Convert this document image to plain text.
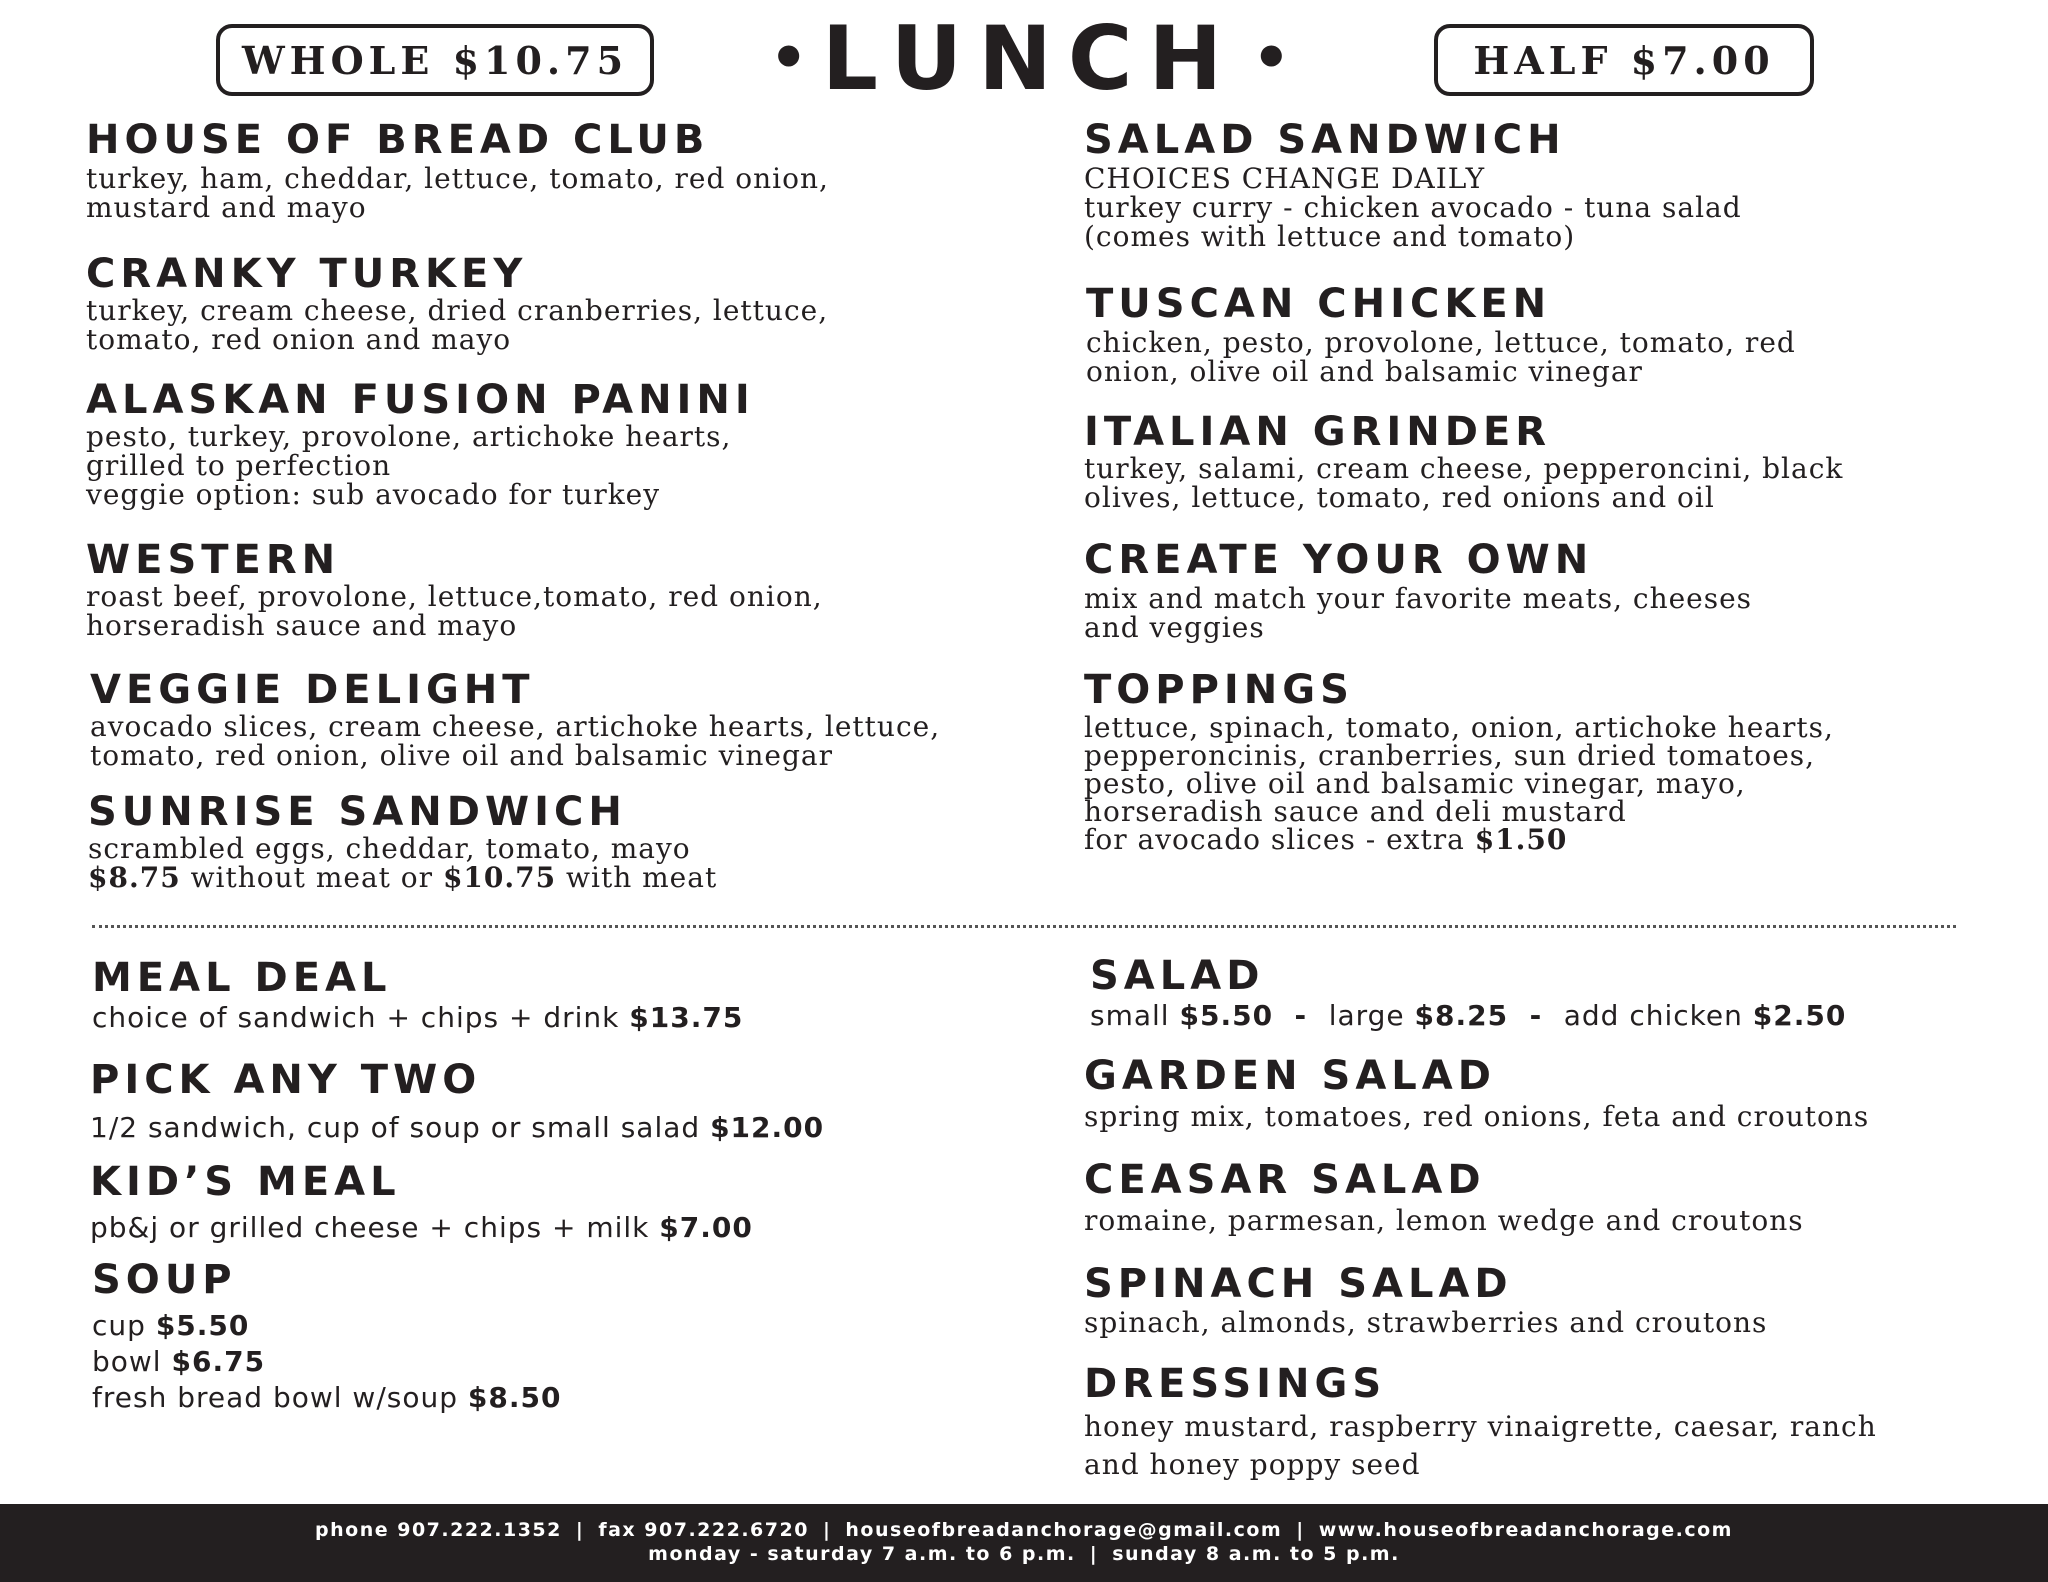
WHOLE $10.75	• LUNCH •	HALF $7.00
HOUSE OF BREAD CLUB
turkey, ham, cheddar, lettuce, tomato, red onion,
mustard and mayo
CRANKY TURKEY
turkey, cream cheese, dried cranberries, lettuce,
tomato, red onion and mayo
ALASKAN FUSION PANINI
pesto, turkey, provolone, artichoke hearts,
grilled to perfection
veggie option: sub avocado for turkey
WESTERN
roast beef, provolone, lettuce,tomato, red onion,
horseradish sauce and mayo
VEGGIE DELIGHT
avocado slices, cream cheese, artichoke hearts, lettuce,
tomato, red onion, olive oil and balsamic vinegar
SUNRISE SANDWICH
scrambled eggs, cheddar, tomato, mayo
$8.75 without meat or $10.75 with meat
SALAD SANDWICH
CHOICES CHANGE DAILY
turkey curry - chicken avocado - tuna salad
(comes with lettuce and tomato)
TUSCAN CHICKEN
chicken, pesto, provolone, lettuce, tomato, red
onion, olive oil and balsamic vinegar
ITALIAN GRINDER
turkey, salami, cream cheese, pepperoncini, black
olives, lettuce, tomato, red onions and oil
CREATE YOUR OWN
mix and match your favorite meats, cheeses
and veggies
TOPPINGS
lettuce, spinach, tomato, onion, artichoke hearts,
pepperoncinis, cranberries, sun dried tomatoes,
pesto, olive oil and balsamic vinegar, mayo,
horseradish sauce and deli mustard
for avocado slices - extra $1.50
MEAL DEAL
choice of sandwich + chips + drink $13.75
PICK ANY TWO
1/2 sandwich, cup of soup or small salad $12.00
KID’S MEAL
pb&j or grilled cheese + chips + milk $7.00
SOUP
cup $5.50
bowl $6.75
fresh bread bowl w/soup $8.50
SALAD
small $5.50  -  large $8.25  -  add chicken $2.50
GARDEN SALAD
spring mix, tomatoes, red onions, feta and croutons
CEASAR SALAD
romaine, parmesan, lemon wedge and croutons
SPINACH SALAD
spinach, almonds, strawberries and croutons
DRESSINGS
honey mustard, raspberry vinaigrette, caesar, ranch
and honey poppy seed
phone 907.222.1352 | fax 907.222.6720 | houseofbreadanchorage@gmail.com | www.houseofbreadanchorage.com
monday - saturday 7 a.m. to 6 p.m. | sunday 8 a.m. to 5 p.m.
